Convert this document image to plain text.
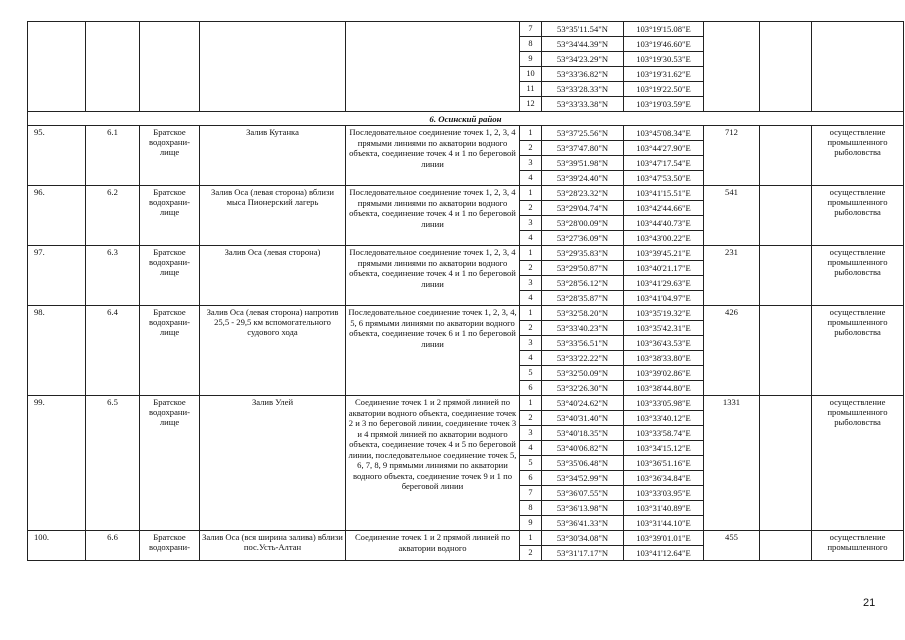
					7	53°35'11.54"N	103°19'15.08"E			
					8	53°34'44.39"N	103°19'46.60"E			
					9	53°34'23.29"N	103°19'30.53"E			
					10	53°33'36.82"N	103°19'31.62"E			
					11	53°33'28.33"N	103°19'22.50"E			
					12	53°33'33.38"N	103°19'03.59"E			
6. Осинский район										
95.	6.1	Братское водохрани-лище	Залив Кутанка	Последовательное соединение точек 1, 2, 3, 4 прямыми линиями по акватории водного объекта, соединение точек 4 и 1 по береговой линии	1	53°37'25.56"N	103°45'08.34"E	712		осуществление промышленного рыболовства
					2	53°37'47.80"N	103°44'27.90"E			
					3	53°39'51.98"N	103°47'17.54"E			
					4	53°39'24.40"N	103°47'53.50"E			
96.	6.2	Братское водохрани-лище	Залив Оса (левая сторона) вблизи мыса Пионерский лагерь	Последовательное соединение точек 1, 2, 3, 4 прямыми линиями по акватории водного объекта, соединение точек 4 и 1 по береговой линии	1	53°28'23.32"N	103°41'15.51"E	541		осуществление промышленного рыболовства
					2	53°29'04.74"N	103°42'44.66"E			
					3	53°28'00.09"N	103°44'40.73"E			
					4	53°27'36.09"N	103°43'00.22"E			
97.	6.3	Братское водохрани-лище	Залив Оса (левая сторона)	Последовательное соединение точек 1, 2, 3, 4 прямыми линиями по акватории водного объекта, соединение точек 4 и 1 по береговой линии	1	53°29'35.83"N	103°39'45.21"E	231		осуществление промышленного рыболовства
					2	53°29'50.87"N	103°40'21.17"E			
					3	53°28'56.12"N	103°41'29.63"E			
					4	53°28'35.87"N	103°41'04.97"E			
98.	6.4	Братское водохрани-лище	Залив Оса (левая сторона) напротив 25,5 - 29,5 км вспомогательного судового хода	Последовательное соединение точек 1, 2, 3, 4, 5, 6 прямыми линиями по акватории водного объекта, соединение точек 6 и 1 по береговой линии	1	53°32'58.20"N	103°35'19.32"E	426		осуществление промышленного рыболовства
					2	53°33'40.23"N	103°35'42.31"E			
					3	53°33'56.51"N	103°36'43.53"E			
					4	53°33'22.22"N	103°38'33.80"E			
					5	53°32'50.09"N	103°39'02.86"E			
					6	53°32'26.30"N	103°38'44.80"E			
99.	6.5	Братское водохрани-лище	Залив Улей	Соединение точек 1 и 2 прямой линией по акватории водного объекта, соединение точек 2 и 3 по береговой линии, соединение точек 3 и 4 прямой линией по акватории водного объекта, соединение точек 4 и 5 по береговой линии, последовательное соединение точек 5, 6, 7, 8, 9 прямыми линиями по акватории водного объекта, соединение точек 9 и 1 по береговой линии	1	53°40'24.62"N	103°33'05.98"E	1331		осуществление промышленного рыболовства
					2	53°40'31.40"N	103°33'40.12"E			
					3	53°40'18.35"N	103°33'58.74"E			
					4	53°40'06.82"N	103°34'15.12"E			
					5	53°35'06.48"N	103°36'51.16"E			
					6	53°34'52.99"N	103°36'34.84"E			
					7	53°36'07.55"N	103°33'03.95"E			
					8	53°36'13.98"N	103°31'40.89"E			
					9	53°36'41.33"N	103°31'44.10"E			
100.	6.6	Братское водохрани-	Залив Оса (вся ширина залива) вблизи пос.Усть-Алтан	Соединение точек 1 и 2 прямой линией по акватории водного	1	53°30'34.08"N	103°39'01.01"E	455		осуществление промышленного
					2	53°31'17.17"N	103°41'12.64"E			
21
